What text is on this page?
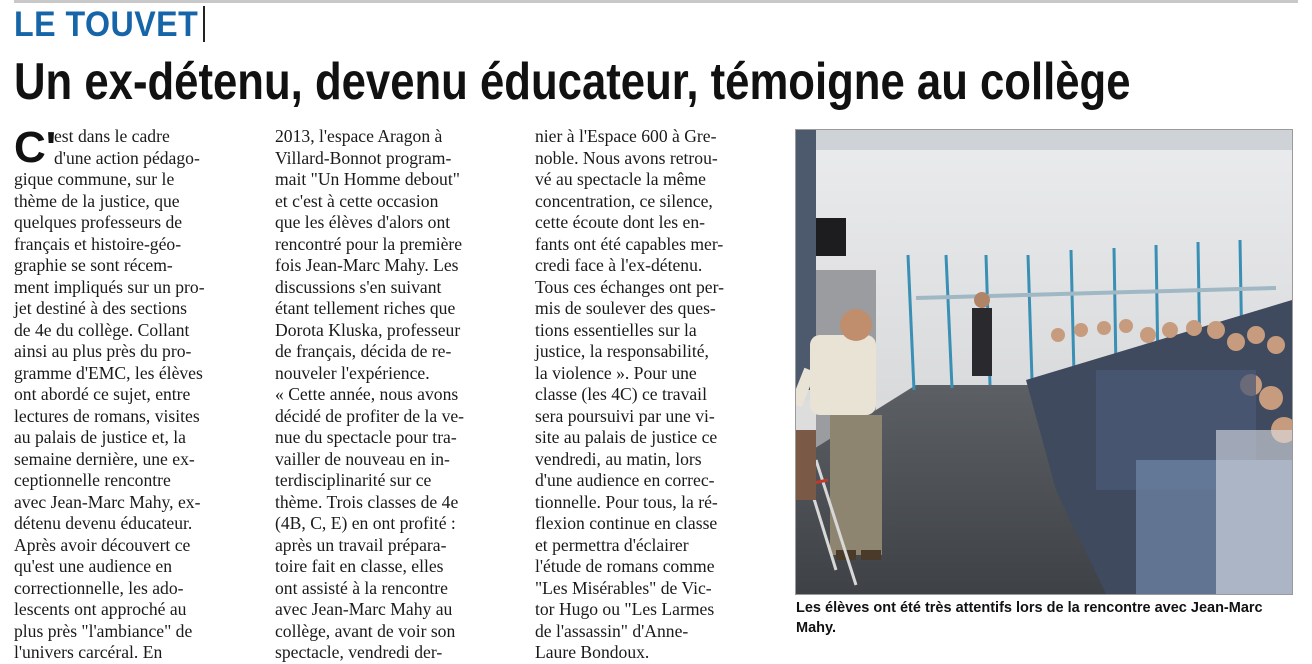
LE TOUVET
Un ex-détenu, devenu éducateur, témoigne au collège
C'
est dans le cadre
d'une action pédago-
gique commune, sur le
thème de la justice, que
quelques professeurs de
français et histoire-géo-
graphie se sont récem-
ment impliqués sur un pro-
jet destiné à des sections
de 4e du collège. Collant
ainsi au plus près du pro-
gramme d'EMC, les élèves
ont abordé ce sujet, entre
lectures de romans, visites
au palais de justice et, la
semaine dernière, une ex-
ceptionnelle rencontre
avec Jean-Marc Mahy, ex-
détenu devenu éducateur.
Après avoir découvert ce
qu'est une audience en
correctionnelle, les ado-
lescents ont approché au
plus près "l'ambiance" de
l'univers carcéral. En
2013, l'espace Aragon à
Villard-Bonnot program-
mait "Un Homme debout"
et c'est à cette occasion
que les élèves d'alors ont
rencontré pour la première
fois Jean-Marc Mahy. Les
discussions s'en suivant
étant tellement riches que
Dorota Kluska, professeur
de français, décida de re-
nouveler l'expérience.
« Cette année, nous avons
décidé de profiter de la ve-
nue du spectacle pour tra-
vailler de nouveau en in-
terdisciplinarité sur ce
thème. Trois classes de 4e
(4B, C, E) en ont profité :
après un travail prépara-
toire fait en classe, elles
ont assisté à la rencontre
avec Jean-Marc Mahy au
collège, avant de voir son
spectacle, vendredi der-
nier à l'Espace 600 à Gre-
noble. Nous avons retrou-
vé au spectacle la même
concentration, ce silence,
cette écoute dont les en-
fants ont été capables mer-
credi face à l'ex-détenu.
Tous ces échanges ont per-
mis de soulever des ques-
tions essentielles sur la
justice, la responsabilité,
la violence ». Pour une
classe (les 4C) ce travail
sera poursuivi par une vi-
site au palais de justice ce
vendredi, au matin, lors
d'une audience en correc-
tionnelle. Pour tous, la ré-
flexion continue en classe
et permettra d'éclairer
l'étude de romans comme
"Les Misérables" de Vic-
tor Hugo ou "Les Larmes
de l'assassin" d'Anne-
Laure Bondoux.
Les élèves ont été très attentifs lors de la rencontre avec Jean-Marc
Mahy.
